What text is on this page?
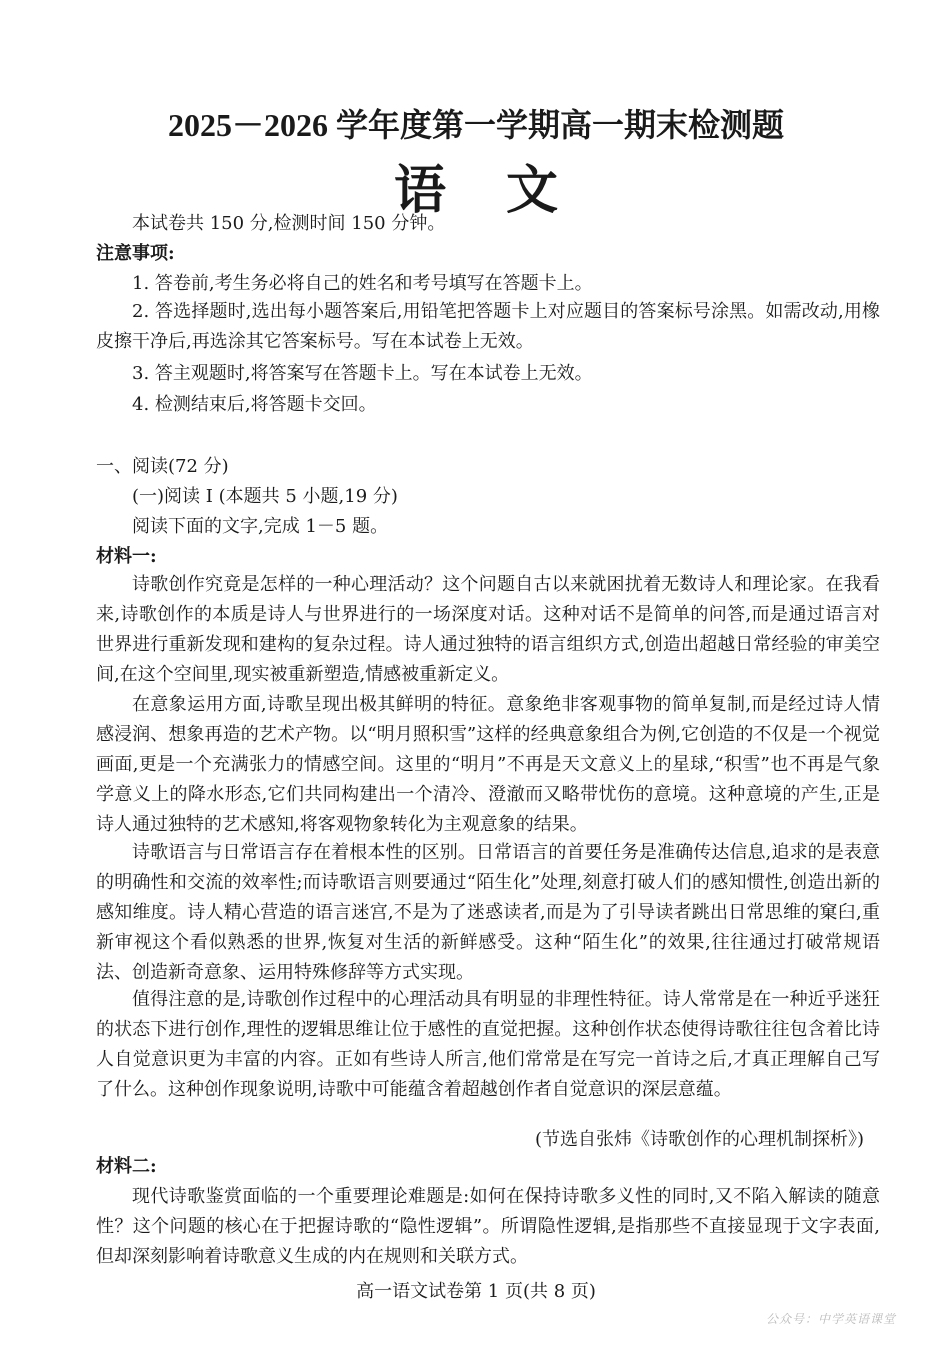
2025－2026 学年度第一学期高一期末检测题
语文
本试卷共 150 分,检测时间 150 分钟。
注意事项:
1. 答卷前,考生务必将自己的姓名和考号填写在答题卡上。
2. 答选择题时,选出每小题答案后,用铅笔把答题卡上对应题目的答案标号涂黑。如需改动,用橡皮擦干净后,再选涂其它答案标号。写在本试卷上无效。
3. 答主观题时,将答案写在答题卡上。写在本试卷上无效。
4. 检测结束后,将答题卡交回。
一、阅读(72 分)
(一)阅读 I (本题共 5 小题,19 分)
阅读下面的文字,完成 1－5 题。
材料一:
诗歌创作究竟是怎样的一种心理活动？这个问题自古以来就困扰着无数诗人和理论家。在我看来,诗歌创作的本质是诗人与世界进行的一场深度对话。这种对话不是简单的问答,而是通过语言对世界进行重新发现和建构的复杂过程。诗人通过独特的语言组织方式,创造出超越日常经验的审美空间,在这个空间里,现实被重新塑造,情感被重新定义。
在意象运用方面,诗歌呈现出极其鲜明的特征。意象绝非客观事物的简单复制,而是经过诗人情感浸润、想象再造的艺术产物。以“明月照积雪”这样的经典意象组合为例,它创造的不仅是一个视觉画面,更是一个充满张力的情感空间。这里的“明月”不再是天文意义上的星球,“积雪”也不再是气象学意义上的降水形态,它们共同构建出一个清冷、澄澈而又略带忧伤的意境。这种意境的产生,正是诗人通过独特的艺术感知,将客观物象转化为主观意象的结果。
诗歌语言与日常语言存在着根本性的区别。日常语言的首要任务是准确传达信息,追求的是表意的明确性和交流的效率性;而诗歌语言则要通过“陌生化”处理,刻意打破人们的感知惯性,创造出新的感知维度。诗人精心营造的语言迷宫,不是为了迷惑读者,而是为了引导读者跳出日常思维的窠臼,重新审视这个看似熟悉的世界,恢复对生活的新鲜感受。这种“陌生化”的效果,往往通过打破常规语法、创造新奇意象、运用特殊修辞等方式实现。
值得注意的是,诗歌创作过程中的心理活动具有明显的非理性特征。诗人常常是在一种近乎迷狂的状态下进行创作,理性的逻辑思维让位于感性的直觉把握。这种创作状态使得诗歌往往包含着比诗人自觉意识更为丰富的内容。正如有些诗人所言,他们常常是在写完一首诗之后,才真正理解自己写了什么。这种创作现象说明,诗歌中可能蕴含着超越创作者自觉意识的深层意蕴。
(节选自张炜《诗歌创作的心理机制探析》)
材料二:
现代诗歌鉴赏面临的一个重要理论难题是:如何在保持诗歌多义性的同时,又不陷入解读的随意性？这个问题的核心在于把握诗歌的“隐性逻辑”。所谓隐性逻辑,是指那些不直接显现于文字表面,但却深刻影响着诗歌意义生成的内在规则和关联方式。
高一语文试卷第 1 页(共 8 页)
公众号：中学英语课堂
